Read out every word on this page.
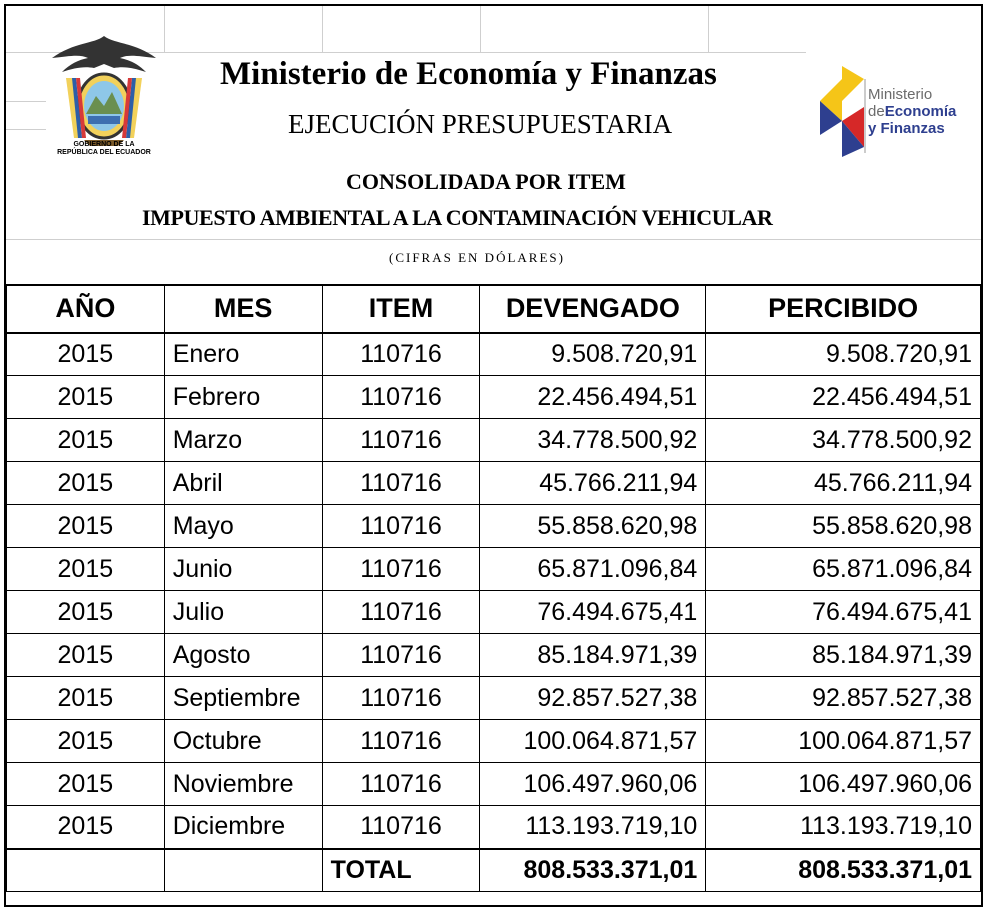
GOBIERNO DE LA
REPÚBLICA DEL ECUADOR
Ministerio de Economía y Finanzas
EJECUCIÓN PRESUPUESTARIA
CONSOLIDADA POR ITEM
IMPUESTO AMBIENTAL A LA CONTAMINACIÓN VEHICULAR
(CIFRAS EN DÓLARES)
Ministerio
deEconomía
y Finanzas
AÑO	MES	ITEM	DEVENGADO	PERCIBIDO
2015	Enero	110716	9.508.720,91	9.508.720,91
2015	Febrero	110716	22.456.494,51	22.456.494,51
2015	Marzo	110716	34.778.500,92	34.778.500,92
2015	Abril	110716	45.766.211,94	45.766.211,94
2015	Mayo	110716	55.858.620,98	55.858.620,98
2015	Junio	110716	65.871.096,84	65.871.096,84
2015	Julio	110716	76.494.675,41	76.494.675,41
2015	Agosto	110716	85.184.971,39	85.184.971,39
2015	Septiembre	110716	92.857.527,38	92.857.527,38
2015	Octubre	110716	100.064.871,57	100.064.871,57
2015	Noviembre	110716	106.497.960,06	106.497.960,06
2015	Diciembre	110716	113.193.719,10	113.193.719,10
		TOTAL	808.533.371,01	808.533.371,01
